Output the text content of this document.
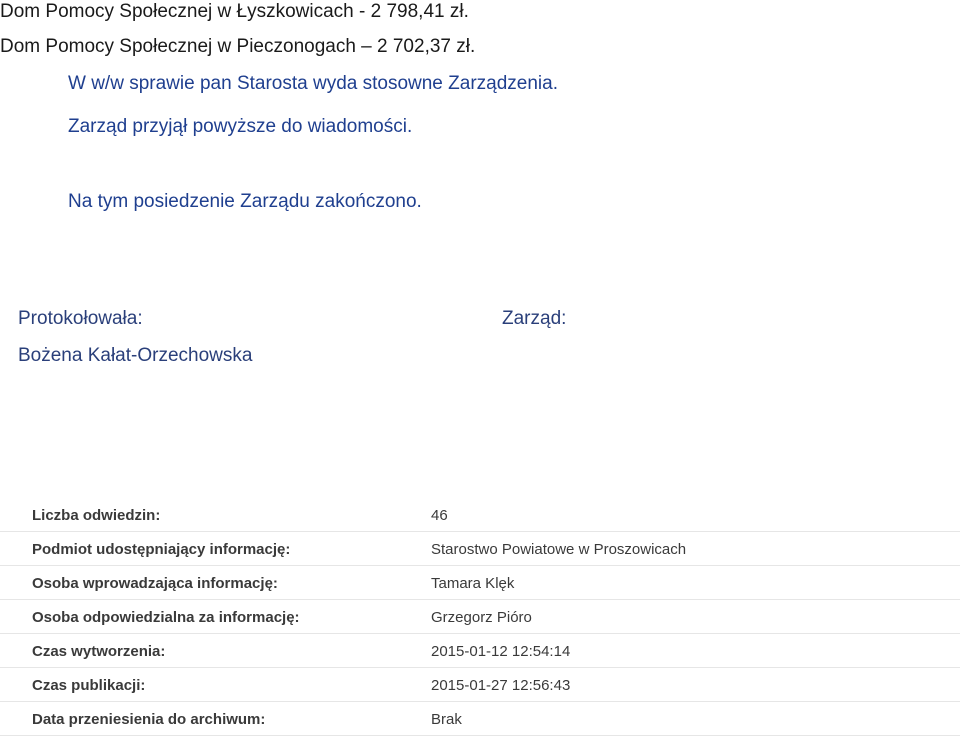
Dom Pomocy Społecznej w Łyszkowicach - 2 798,41 zł.
Dom Pomocy Społecznej w Pieczonogach – 2 702,37 zł.
W w/w sprawie pan Starosta wyda stosowne Zarządzenia.
Zarząd przyjął powyższe do wiadomości.
Na tym posiedzenie Zarządu zakończono.
Protokołowała:	Zarząd:
Bożena Kałat-Orzechowska
Liczba odwiedzin:	46
Podmiot udostępniający informację:	Starostwo Powiatowe w Proszowicach
Osoba wprowadzająca informację:	Tamara Klęk
Osoba odpowiedzialna za informację:	Grzegorz Pióro
Czas wytworzenia:	2015-01-12 12:54:14
Czas publikacji:	2015-01-27 12:56:43
Data przeniesienia do archiwum:	Brak
